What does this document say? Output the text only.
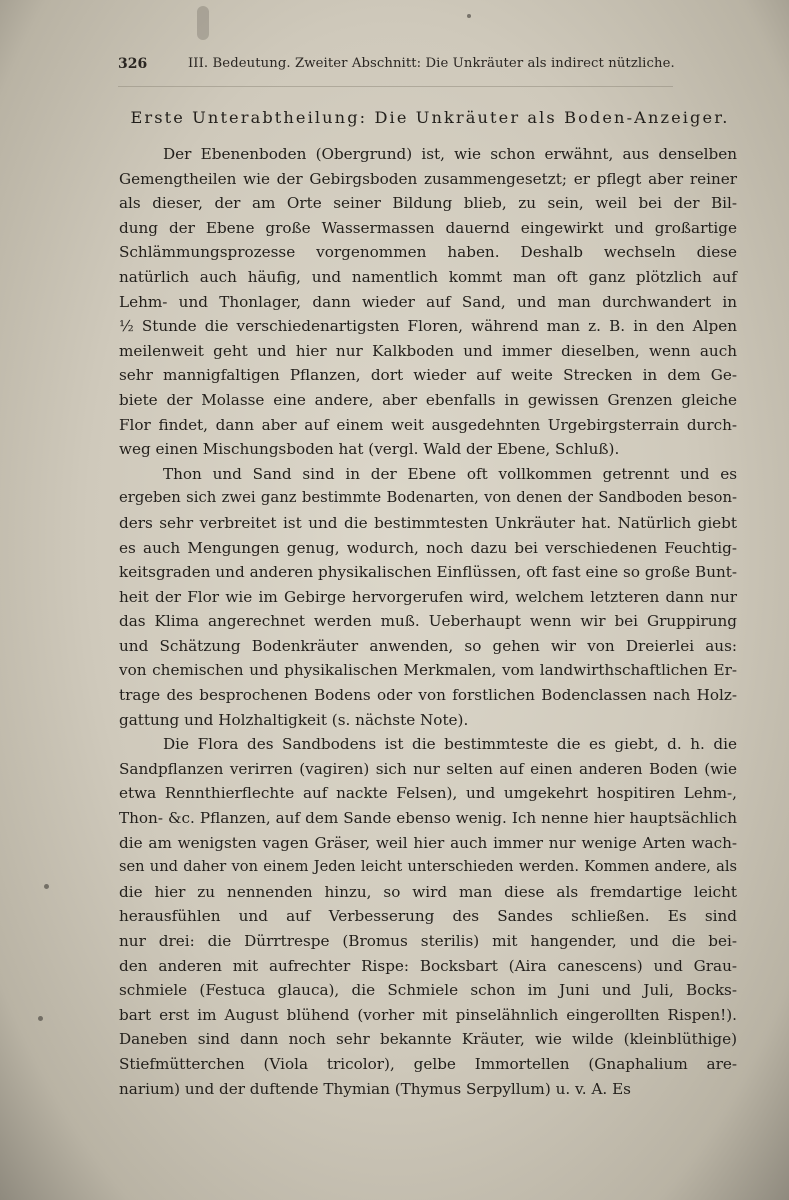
326	III. Bedeutung. Zweiter Abschnitt: Die Unkräuter als indirect nützliche.
Erste Unterabtheilung: Die Unkräuter als Boden-Anzeiger.
Der Ebenenboden (Obergrund) ist, wie schon erwähnt, aus denselben
Gemengtheilen wie der Gebirgsboden zusammengesetzt; er pflegt aber reiner
als dieser, der am Orte seiner Bildung blieb, zu sein, weil bei der Bil-
dung der Ebene große Wassermassen dauernd eingewirkt und großartige
Schlämmungsprozesse vorgenommen haben. Deshalb wechseln diese
natürlich auch häufig, und namentlich kommt man oft ganz plötzlich auf
Lehm- und Thonlager, dann wieder auf Sand, und man durchwandert in
½ Stunde die verschiedenartigsten Floren, während man z. B. in den Alpen
meilenweit geht und hier nur Kalkboden und immer dieselben, wenn auch
sehr mannigfaltigen Pflanzen, dort wieder auf weite Strecken in dem Ge-
biete der Molasse eine andere, aber ebenfalls in gewissen Grenzen gleiche
Flor findet, dann aber auf einem weit ausgedehnten Urgebirgsterrain durch-
weg einen Mischungsboden hat (vergl. Wald der Ebene, Schluß).
Thon und Sand sind in der Ebene oft vollkommen getrennt und es
ergeben sich zwei ganz bestimmte Bodenarten, von denen der Sandboden beson-
ders sehr verbreitet ist und die bestimmtesten Unkräuter hat. Natürlich giebt
es auch Mengungen genug, wodurch, noch dazu bei verschiedenen Feuchtig-
keitsgraden und anderen physikalischen Einflüssen, oft fast eine so große Bunt-
heit der Flor wie im Gebirge hervorgerufen wird, welchem letzteren dann nur
das Klima angerechnet werden muß. Ueberhaupt wenn wir bei Gruppirung
und Schätzung Bodenkräuter anwenden, so gehen wir von Dreierlei aus:
von chemischen und physikalischen Merkmalen, vom landwirthschaftlichen Er-
trage des besprochenen Bodens oder von forstlichen Bodenclassen nach Holz-
gattung und Holzhaltigkeit (s. nächste Note).
Die Flora des Sandbodens ist die bestimmteste die es giebt, d. h. die
Sandpflanzen verirren (vagiren) sich nur selten auf einen anderen Boden (wie
etwa Rennthierflechte auf nackte Felsen), und umgekehrt hospitiren Lehm-,
Thon- &c. Pflanzen, auf dem Sande ebenso wenig. Ich nenne hier hauptsächlich
die am wenigsten vagen Gräser, weil hier auch immer nur wenige Arten wach-
sen und daher von einem Jeden leicht unterschieden werden. Kommen andere, als
die hier zu nennenden hinzu, so wird man diese als fremdartige leicht
herausfühlen und auf Verbesserung des Sandes schließen. Es sind
nur drei: die Dürrtrespe (Bromus sterilis) mit hangender, und die bei-
den anderen mit aufrechter Rispe: Bocksbart (Aira canescens) und Grau-
schmiele (Festuca glauca), die Schmiele schon im Juni und Juli, Bocks-
bart erst im August blühend (vorher mit pinselähnlich eingerollten Rispen!).
Daneben sind dann noch sehr bekannte Kräuter, wie wilde (kleinblüthige)
Stiefmütterchen (Viola tricolor), gelbe Immortellen (Gnaphalium are-
narium) und der duftende Thymian (Thymus Serpyllum) u. v. A. Es
